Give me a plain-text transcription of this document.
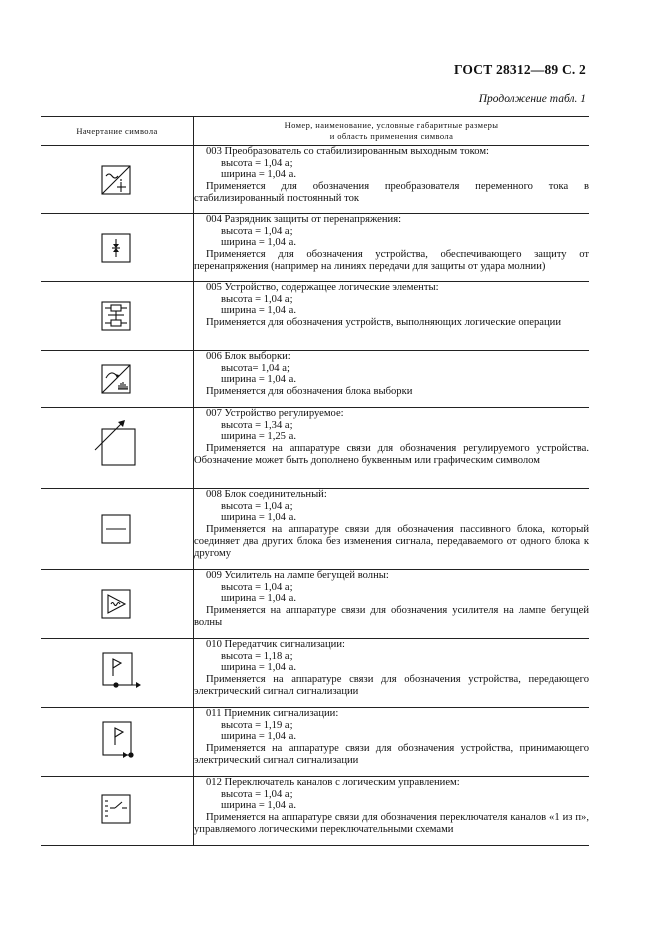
ГОСТ 28312—89 С. 2
Продолжение табл. 1
Начертание символа	Номер, наименование, условные габаритные размеры
и область применения символа

003 Преобразователь со стабилизированным выходным током:
высота = 1,04 а;
ширина = 1,04 а.
Применяется для обозначения преобразователя переменного тока в стабилизированный постоянный ток

004 Разрядник защиты от перенапряжения:
высота = 1,04 а;
ширина = 1,04 а.
Применяется для обозначения устройства, обеспечивающего защиту от перенапряжения (например на линиях передачи для защиты от удара молнии)

005 Устройство, содержащее логические элементы:
высота = 1,04 а;
ширина = 1,04 а.
Применяется для обозначения устройств, выполняющих логические операции

006 Блок выборки:
высота= 1,04 а;
ширина = 1,04 а.
Применяется для обозначения блока выборки

007 Устройство регулируемое:
высота = 1,34 а;
ширина = 1,25 а.
Применяется на аппаратуре связи для обозначения регулируемого устройства. Обозначение может быть дополнено буквенным или графическим символом

008 Блок соединительный:
высота = 1,04 а;
ширина = 1,04 а.
Применяется на аппаратуре связи для обозначения пассивного блока, который соединяет два других блока без изменения сигнала, передаваемого от одного блока к другому

009 Усилитель на лампе бегущей волны:
высота = 1,04 а;
ширина = 1,04 а.
Применяется на аппаратуре связи для обозначения усилителя на лампе бегущей волны

010 Передатчик сигнализации:
высота = 1,18 а;
ширина = 1,04 а.
Применяется на аппаратуре связи для обозначения устройства, передающего электрический сигнал сигнализации

011 Приемник сигнализации:
высота = 1,19 а;
ширина = 1,04 а.
Применяется на аппаратуре связи для обозначения устройства, принимающего электрический сигнал сигнализации

012 Переключатель каналов с логическим управлением:
высота = 1,04 а;
ширина = 1,04 а.
Применяется на аппаратуре связи для обозначения переключателя каналов «1 из п», управляемого логическими переключательными схемами
